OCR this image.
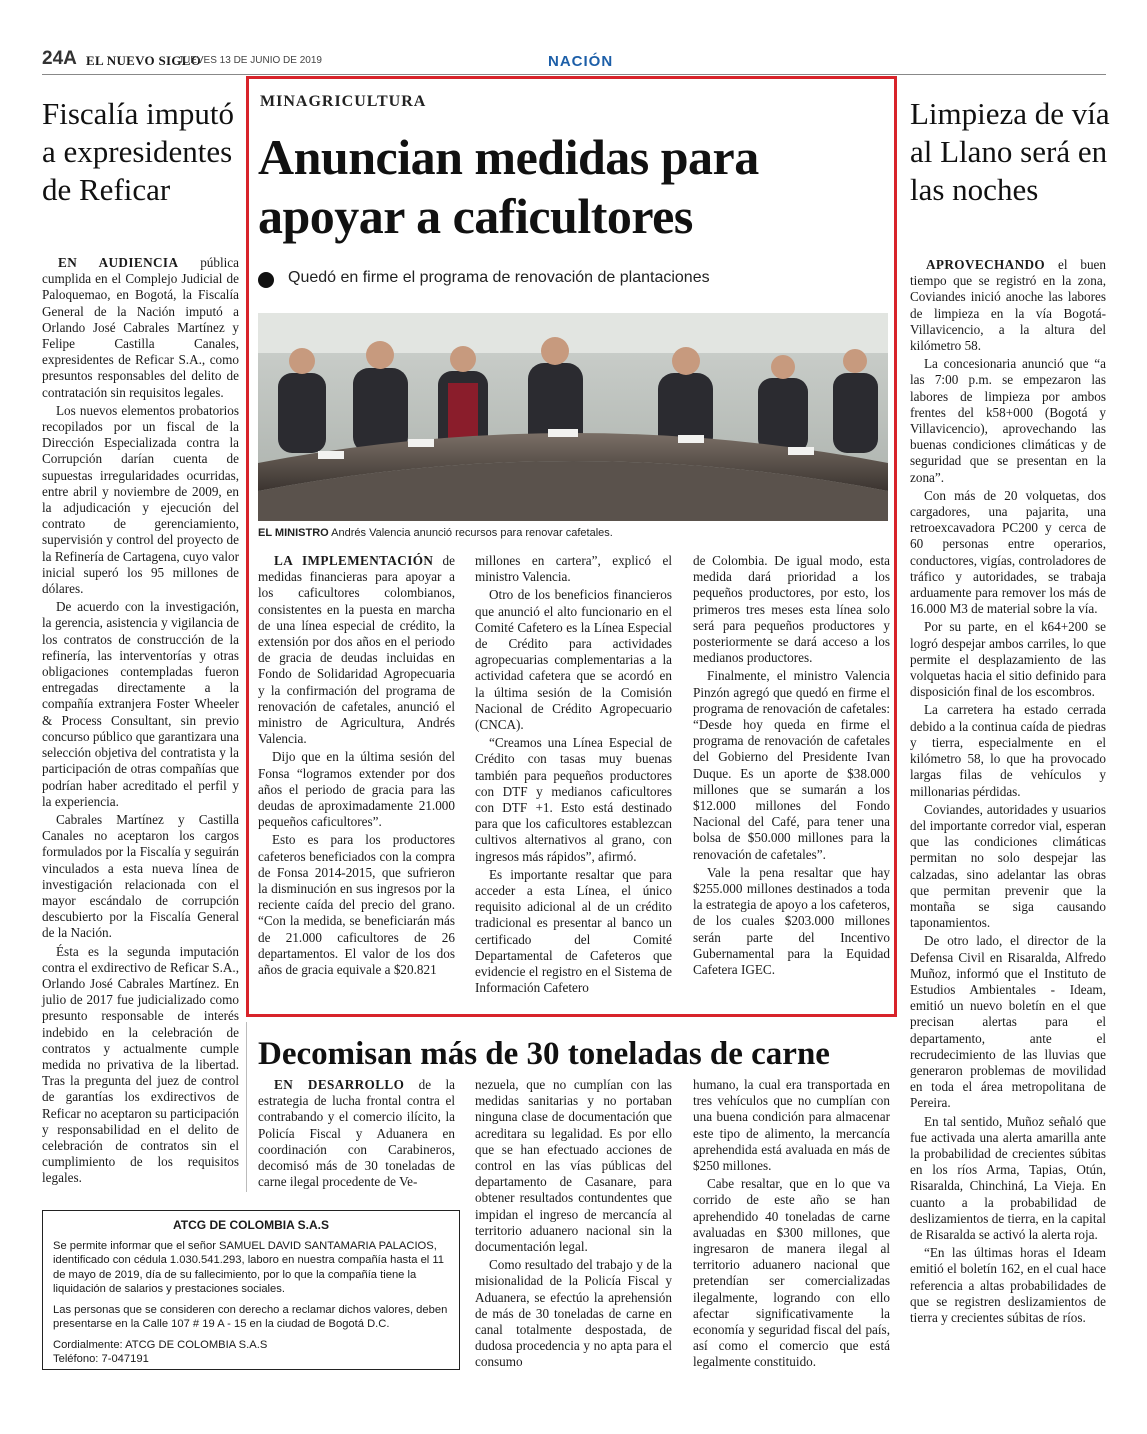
24A EL NUEVO SIGLO
JUEVES 13 DE JUNIO DE 2019	NACIÓN
Fiscalía imputó a expresidentes de Reficar

EN AUDIENCIA pública cumplida en el Complejo Judicial de Paloquemao, en Bogotá, la Fiscalía General de la Nación imputó a Orlando José Cabrales Martínez y Felipe Castilla Canales, expresidentes de Reficar S.A., como presuntos responsables del delito de contratación sin requisitos legales.

Los nuevos elementos probatorios recopilados por un fiscal de la Dirección Especializada contra la Corrupción darían cuenta de supuestas irregularidades ocurridas, entre abril y noviembre de 2009, en la adjudicación y ejecución del contrato de gerenciamiento, supervisión y control del proyecto de la Refinería de Cartagena, cuyo valor inicial superó los 95 millones de dólares.

De acuerdo con la investigación, la gerencia, asistencia y vigilancia de los contratos de construcción de la refinería, las interventorías y otras obligaciones contempladas fueron entregadas directamente a la compañía extranjera Foster Wheeler & Process Consultant, sin previo concurso público que garantizara una selección objetiva del contratista y la participación de otras compañías que podrían haber acreditado el perfil y la experiencia.

Cabrales Martínez y Castilla Canales no aceptaron los cargos formulados por la Fiscalía y seguirán vinculados a esta nueva línea de investigación relacionada con el mayor escándalo de corrupción descubierto por la Fiscalía General de la Nación.

Ésta es la segunda imputación contra el exdirectivo de Reficar S.A., Orlando José Cabrales Martínez. En julio de 2017 fue judicializado como presunto responsable de interés indebido en la celebración de contratos y actualmente cumple medida no privativa de la libertad. Tras la pregunta del juez de control de garantías los exdirectivos de Reficar no aceptaron su participación y responsabilidad en el delito de celebración de contratos sin el cumplimiento de los requisitos legales.

MINAGRICULTURA
Anuncian medidas para apoyar a caficultores
Quedó en firme el programa de renovación de plantaciones
EL MINISTRO Andrés Valencia anunció recursos para renovar cafetales.

LA IMPLEMENTACIÓN de medidas financieras para apoyar a los caficultores colombianos, consistentes en la puesta en marcha de una línea especial de crédito, la extensión por dos años en el periodo de gracia de deudas incluidas en Fondo de Solidaridad Agropecuaria y la confirmación del programa de renovación de cafetales, anunció el ministro de Agricultura, Andrés Valencia.

Dijo que en la última sesión del Fonsa “logramos extender por dos años el periodo de gracia para las deudas de aproximadamente 21.000 pequeños caficultores”.

Esto es para los productores cafeteros beneficiados con la compra de Fonsa 2014-2015, que sufrieron la disminución en sus ingresos por la reciente caída del precio del grano. “Con la medida, se beneficiarán más de 21.000 caficultores de 26 departamentos. El valor de los dos años de gracia equivale a $20.821

millones en cartera”, explicó el ministro Valencia.

Otro de los beneficios financieros que anunció el alto funcionario en el Comité Cafetero es la Línea Especial de Crédito para actividades agropecuarias complementarias a la actividad cafetera que se acordó en la última sesión de la Comisión Nacional de Crédito Agropecuario (CNCA).

“Creamos una Línea Especial de Crédito con tasas muy buenas también para pequeños productores con DTF y medianos caficultores con DTF +1. Esto está destinado para que los caficultores establezcan cultivos alternativos al grano, con ingresos más rápidos”, afirmó.

Es importante resaltar que para acceder a esta Línea, el único requisito adicional al de un crédito tradicional es presentar al banco un certificado del Comité Departamental de Cafeteros que evidencie el registro en el Sistema de Información Cafetero

de Colombia. De igual modo, esta medida dará prioridad a los pequeños productores, por esto, los primeros tres meses esta línea solo será para pequeños productores y posteriormente se dará acceso a los medianos productores.

Finalmente, el ministro Valencia Pinzón agregó que quedó en firme el programa de renovación de cafetales: “Desde hoy queda en firme el programa de renovación de cafetales del Gobierno del Presidente Ivan Duque. Es un aporte de $38.000 millones que se sumarán a los $12.000 millones del Fondo Nacional del Café, para tener una bolsa de $50.000 millones para la renovación de cafetales”.

Vale la pena resaltar que hay $255.000 millones destinados a toda la estrategia de apoyo a los cafeteros, de los cuales $203.000 millones serán parte del Incentivo Gubernamental para la Equidad Cafetera IGEC.

Limpieza de vía al Llano será en las noches

APROVECHANDO el buen tiempo que se registró en la zona, Coviandes inició anoche las labores de limpieza en la vía Bogotá-Villavicencio, a la altura del kilómetro 58.

La concesionaria anunció que “a las 7:00 p.m. se empezaron las labores de limpieza por ambos frentes del k58+000 (Bogotá y Villavicencio), aprovechando las buenas condiciones climáticas y de seguridad que se presentan en la zona”.

Con más de 20 volquetas, dos cargadores, una pajarita, una retroexcavadora PC200 y cerca de 60 personas entre operarios, conductores, vigías, controladores de tráfico y autoridades, se trabaja arduamente para remover los más de 16.000 M3 de material sobre la vía.

Por su parte, en el k64+200 se logró despejar ambos carriles, lo que permite el desplazamiento de las volquetas hacia el sitio definido para disposición final de los escombros.

La carretera ha estado cerrada debido a la continua caída de piedras y tierra, especialmente en el kilómetro 58, lo que ha provocado largas filas de vehículos y millonarias pérdidas.

Coviandes, autoridades y usuarios del importante corredor vial, esperan que las condiciones climáticas permitan no solo despejar las calzadas, sino adelantar las obras que permitan prevenir que la montaña se siga causando taponamientos.

De otro lado, el director de la Defensa Civil en Risaralda, Alfredo Muñoz, informó que el Instituto de Estudios Ambientales - Ideam, emitió un nuevo boletín en el que precisan alertas para el departamento, ante el recrudecimiento de las lluvias que generaron problemas de movilidad en toda el área metropolitana de Pereira.

En tal sentido, Muñoz señaló que fue activada una alerta amarilla ante la probabilidad de crecientes súbitas en los ríos Arma, Tapias, Otún, Risaralda, Chinchiná, La Vieja. En cuanto a la probabilidad de deslizamientos de tierra, en la capital de Risaralda se activó la alerta roja.

“En las últimas horas el Ideam emitió el boletín 162, en el cual hace referencia a altas probabilidades de que se registren deslizamientos de tierra y crecientes súbitas de ríos.

Decomisan más de 30 toneladas de carne

EN DESARROLLO de la estrategia de lucha frontal contra el contrabando y el comercio ilícito, la Policía Fiscal y Aduanera en coordinación con Carabineros, decomisó más de 30 toneladas de carne ilegal procedente de Ve-

nezuela, que no cumplían con las medidas sanitarias y no portaban ninguna clase de documentación que acreditara su legalidad. Es por ello que se han efectuado acciones de control en las vías públicas del departamento de Casanare, para obtener resultados contundentes que impidan el ingreso de mercancía al territorio aduanero nacional sin la documentación legal.

Como resultado del trabajo y de la misionalidad de la Policía Fiscal y Aduanera, se efectúo la aprehensión de más de 30 toneladas de carne en canal totalmente despostada, de dudosa procedencia y no apta para el consumo

humano, la cual era transportada en tres vehículos que no cumplían con una buena condición para almacenar este tipo de alimento, la mercancía aprehendida está avaluada en más de $250 millones.

Cabe resaltar, que en lo que va corrido de este año se han aprehendido 40 toneladas de carne avaluadas en $300 millones, que ingresaron de manera ilegal al territorio aduanero nacional que pretendían ser comercializadas ilegalmente, logrando con ello afectar significativamente la economía y seguridad fiscal del país, así como el comercio que está legalmente constituido.

ATCG DE COLOMBIA S.A.S

Se permite informar que el señor SAMUEL DAVID SANTAMARIA PALACIOS, identificado con cédula 1.030.541.293, laboro en nuestra compañía hasta el 11 de mayo de 2019, día de su fallecimiento, por lo que la compañía tiene la liquidación de salarios y prestaciones sociales.

Las personas que se consideren con derecho a reclamar dichos valores, deben presentarse en la Calle 107 # 19 A - 15 en la ciudad de Bogotá D.C.

Cordialmente: ATCG DE COLOMBIA S.A.S

Teléfono: 7-047191
